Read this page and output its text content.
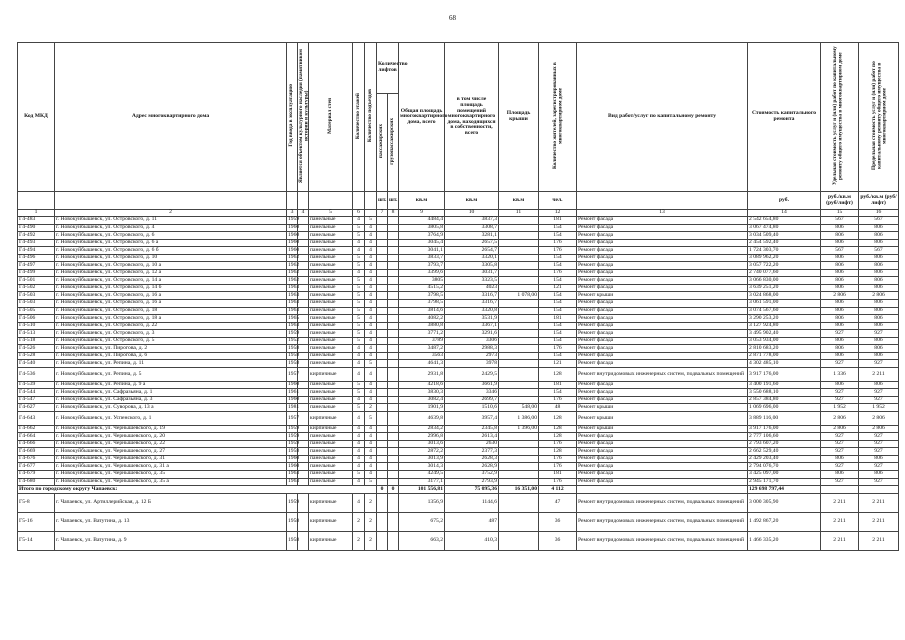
68
Код МКД	Адрес многоквартирного дома	Год ввода в эксплуатацию	Является объектом культурного наследия (памятником истории и культуры)	Материал стен	Количество этажей	Количество подъездов	Количество лифтов		Общая площадь многоквартирного дома, всего	в том числе площадь помещений многоквартирного дома, находящихся в собственности, всего	Площадь крыши	Количество жителей, зарегистрированных в многоквартирном доме	Вид работ/услуг по капитальному ремонту	Стоимость капитального ремонта	Удельная стоимость услуг и (или) работ по капитальному ремонту общего имущества в многоквартирном доме	Предельная стоимость услуг и (или) работ по капитальному ремонту общего имущества в многоквартирном доме
							пассажирских	грузопассажирских								
							шт.	шт.	кв.м	кв.м	кв.м	чел.		руб.	руб./кв.м (руб/лифт)	руб./кв.м (руб/лифт)
1	2	3	4	5	6		7	8	9	10	11	12	13	14	15	16
Г4-483	г. Новокуйбышевск, ул. Островского, д. 11	1959		панельные	4	5			4484,4	3837,3		181	Ремонт фасада	2 542 654,80	567	567
Г4-490	г. Новокуйбышевск, ул. Островского, д. 4	1960		панельные	5	4			3805,8	3308,7		154	Ремонт фасада	3 067 474,80	806	806
Г4-492	г. Новокуйбышевск, ул. Островского, д. 6	1960		панельные	5	4			3764,9	3281,1		154	Ремонт фасада	3 034 509,40	806	806
Г4-493	г. Новокуйбышевск, ул. Островского, д. 6 а	1960		панельные	4	4			3045,4	2657,5		176	Ремонт фасада	2 454 592,40	806	806
Г4-494	г. Новокуйбышевск, ул. Островского, д. 6 б	1960		панельные	4	4			3041,1	2654,7		176	Ремонт фасада	1 724 303,70	567	567
Г4-496	г. Новокуйбышевск, ул. Островского, д. 10	1962		панельные	5	4			3833,7	3320,1		154	Ремонт фасада	3 089 962,20	806	806
Г4-497	г. Новокуйбышевск, ул. Островского, д. 10 а	1962		панельные	5	4			3793,7	3305,8		154	Ремонт фасада	3 057 722,20	806	806
Г4-499	г. Новокуйбышевск, ул. Островского, д. 12 а	1962		панельные	4	4			3399,6	3031,7		176	Ремонт фасада	2 740 077,60	806	806
Г4-501	г. Новокуйбышевск, ул. Островского, д. 14 а	1962		панельные	5	4			3805	3323,5		154	Ремонт фасада	3 066 830,00	806	806
Г4-502	г. Новокуйбышевск, ул. Островского, д. 14 б	1963		панельные	5	4			4515,2	4023		121	Ремонт фасада	3 639 251,20	806	806
Г4-503	г. Новокуйбышевск, ул. Островского, д. 16 а	1963		панельные	5	4			3798,5	3316,7	1 078,00	154	Ремонт крыши	3 024 868,00	2 806	2 806
Г4-503	г. Новокуйбышевск, ул. Островского, д. 16 а	1963		панельные	5	4			3798,5	3316,7		154	Ремонт фасада	3 061 591,00	806	806
Г4-505	г. Новокуйбышевск, ул. Островского, д. 18	1963		панельные	5	4			3814,6	3320,8		154	Ремонт фасада	3 074 567,60	806	806
Г4-506	г. Новокуйбышевск, ул. Островского, д. 18 а	1965		панельные	5	4			4082,2	3531,9		181	Ремонт фасада	3 290 253,20	806	806
Г4-510	г. Новокуйбышевск, ул. Островского, д. 22	1963		панельные	5	4			3880,8	3367,1		154	Ремонт фасада	3 127 924,80	806	806
Г4-513	г. Новокуйбышевск, ул. Островского, д. 3	1959		панельные	5	4			3771,2	3291,6		154	Ремонт фасада	3 495 902,40	927	927
Г4-518	г. Новокуйбышевск, ул. Островского, д. 5	1952		панельные	5	4			3789	3306		154	Ремонт фасада	3 053 934,00	806	806
Г4-526	г. Новокуйбышевск, ул. Пирогова, д. 2	1958		панельные	4	4			3487,2	2988,3		176	Ремонт фасада	2 810 683,20	806	806
Г4-528	г. Новокуйбышевск, ул. Пирогова, д. 6	1958		панельные	4	4			3563	2973		154	Ремонт фасада	2 871 778,00	806	806
Г4-540	г. Новокуйбышевск, ул. Репина, д. 11	1958		панельные	4	5			4641,3	3978		121	Ремонт фасада	4 302 485,10	927	927
Г4-536	г. Новокуйбышевск, ул. Репина, д. 5	1957		кирпичные	4	4			2931,8	2429,5		128	Ремонт внутридомовых инженерных систем, подвальных помещений	3 917 176,00	1 336	2 211
Г4-539	г. Новокуйбышевск, ул. Репина, д. 9 а	1960		панельные	5	4			4218,6	3661,9		181	Ремонт фасада	3 400 191,60	806	806
Г4-544	г. Новокуйбышевск, ул. Сафразьяна, д. 1	1961		панельные	5	4			3830,3	3346		154	Ремонт фасада	3 550 688,10	927	927
Г4-547	г. Новокуйбышевск, ул. Сафразьяна, д. 3	1960		панельные	4	4			3082,4	2699,7		176	Ремонт фасада	2 857 384,80	927	927
Г4-627	г. Новокуйбышевск, ул. Суворова, д. 13 а	1981		панельные	5	2			1901,9	1510,6	548,00	48	Ремонт крыши	1 069 696,00	1 952	1 952
Г4-643	г. Новокуйбышевск, ул. Успенского, д. 1	1957		кирпичные	4	5			4639,8	3957,4	1 386,00	128	Ремонт крыши	3 889 116,00	2 806	2 806
Г4-662	г. Новокуйбышевск, ул. Чернышевского, д. 19	1959		кирпичные	4	4			2834,2	2345,8	1 396,00	128	Ремонт крыши	3 917 176,00	2 806	2 806
Г4-664	г. Новокуйбышевск, ул. Чернышевского, д. 20	1959		панельные	4	4			2996,8	2613,4		128	Ремонт фасада	2 777 106,60	927	927
Г4-666	г. Новокуйбышевск, ул. Чернышевского, д. 22	1959		панельные	4	4			3013,6	2630		176	Ремонт фасада	2 793 607,20	927	927
Г4-669	г. Новокуйбышевск, ул. Чернышевского, д. 27	1958		панельные	4	4			2872,2	2377,3		128	Ремонт фасада	2 662 529,40	927	927
Г4-676	г. Новокуйбышевск, ул. Чернышевского, д. 31	1960		панельные	4	4			3013,9	2628,3		176	Ремонт фасада	2 429 203,40	806	806
Г4-677	г. Новокуйбышевск, ул. Чернышевского, д. 31 а	1960		панельные	4	4			3014,3	2628,9		176	Ремонт фасада	2 794 076,70	927	927
Г4-679	г. Новокуйбышевск, ул. Чернышевского, д. 35	1963		панельные	5	4			4249,5	3752,9		181	Ремонт фасада	3 425 097,00	806	806
Г4-680	г. Новокуйбышевск, ул. Чернышевского, д. 35 а	1963		панельные	4	5			3177,1	2793,9		176	Ремонт фасада	2 945 171,70	927	927
Итого по городскому округу Чапаевск:							0	0	101 556,81	75 095,36	16 351,00	4 112		129 698 797,44		
Г5-8	г. Чапаевск, ул. Артиллерийская, д. 12 Б	1959		кирпичные	4	2			1356,9	1144,6		47	Ремонт внутридомовых инженерных систем, подвальных помещений	3 000 305,90	2 211	2 211
Г5-16	г. Чапаевск, ул. Ватутина, д. 13	1958		кирпичные	2	2			675,2	487		36	Ремонт внутридомовых инженерных систем, подвальных помещений	1 492 867,20	2 211	2 211
Г5-14	г. Чапаевск, ул. Ватутина, д. 9	1958		кирпичные	2	2			663,2	410,3		36	Ремонт внутридомовых инженерных систем, подвальных помещений	1 466 335,20	2 211	2 211
